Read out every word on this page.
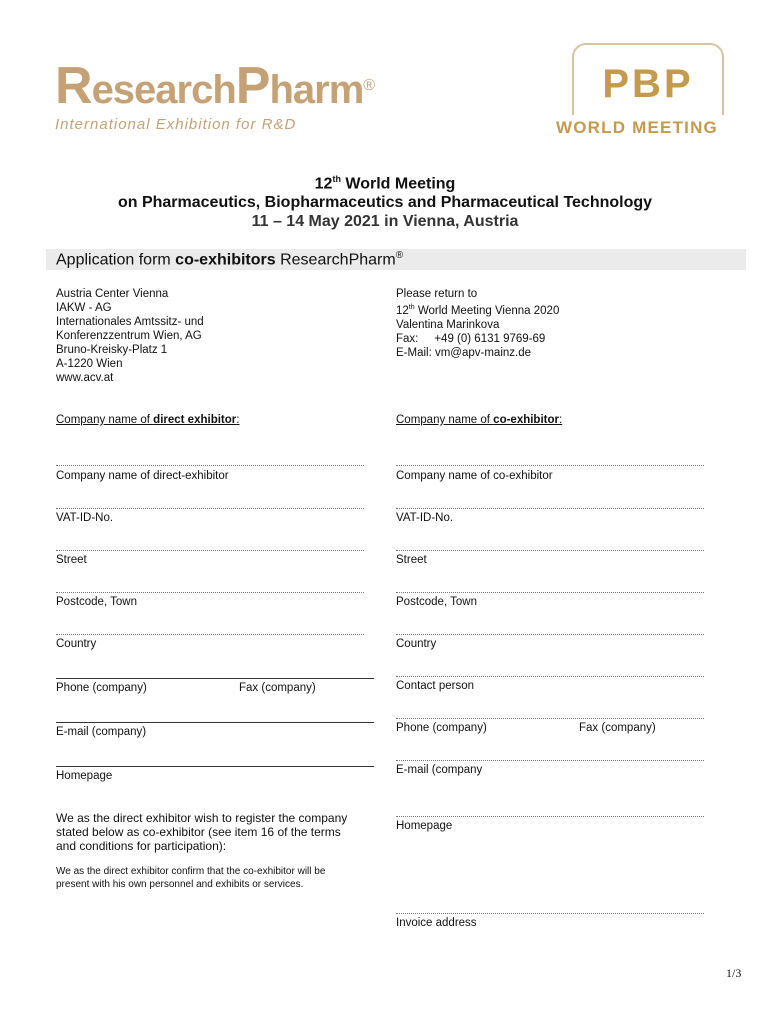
ResearchPharm®
International Exhibition for R&D
PBP
WORLD MEETING
12th World Meeting
on Pharmaceutics, Biopharmaceutics and Pharmaceutical Technology
11 – 14 May 2021 in Vienna, Austria
Application form co-exhibitors ResearchPharm®
Austria Center Vienna
IAKW - AG
Internationales Amtssitz- und
Konferenzzentrum Wien, AG
Bruno-Kreisky-Platz 1
A-1220 Wien
www.acv.at
Please return to
12th World Meeting Vienna 2020
Valentina Marinkova
Fax:     +49 (0) 6131 9769-69
E-Mail: vm@apv-mainz.de
Company name of direct exhibitor:	Company name of co-exhibitor:
Company name of direct-exhibitor
VAT-ID-No.
Street
Postcode, Town
Country
Phone (company)	Fax (company)
E-mail (company)
Homepage
We as the direct exhibitor wish to register the company
stated below as co-exhibitor (see item 16 of the terms
and conditions for participation):
We as the direct exhibitor confirm that the co-exhibitor will be
present with his own personnel and exhibits or services.
Company name of co-exhibitor
VAT-ID-No.
Street
Postcode, Town
Country
Contact person
Phone (company)	Fax (company)
E-mail (company
Homepage
Invoice address
1/3
